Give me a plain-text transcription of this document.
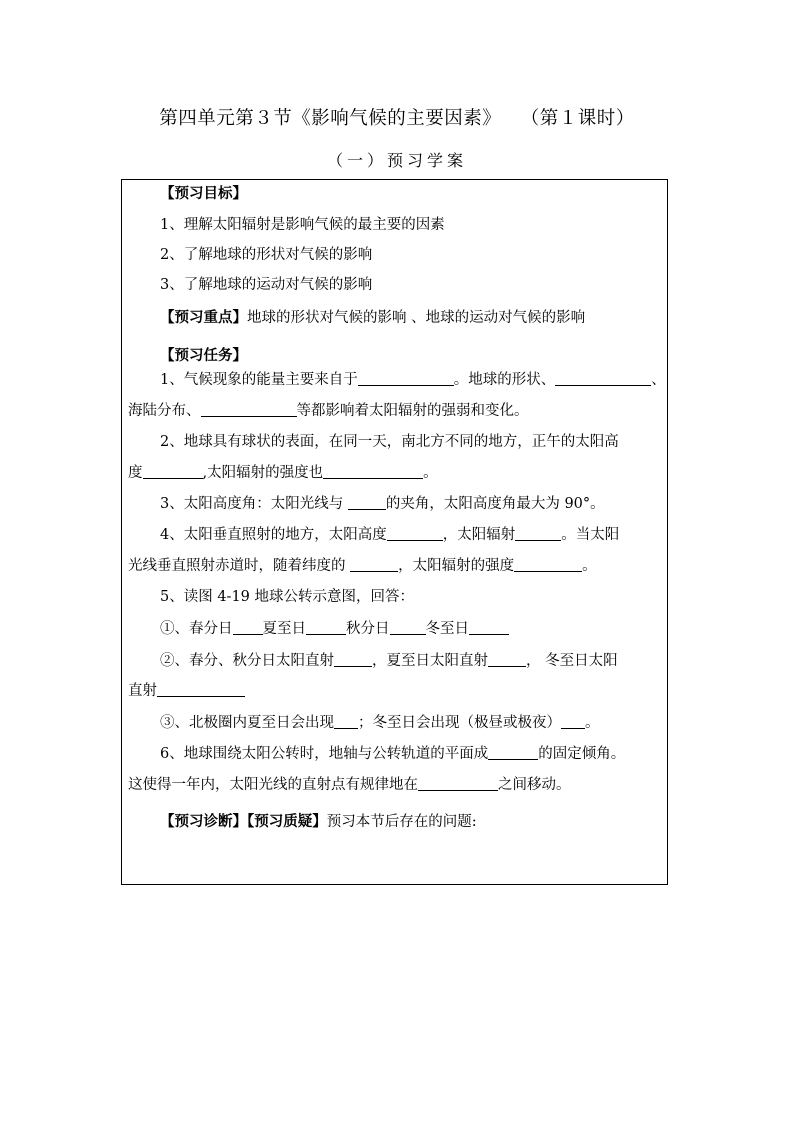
第四单元第３节《影响气候的主要因素》　　（第１课时）
（一）预习学案
【预习目标】
1、理解太阳辐射是影响气候的最主要的因素
2、了解地球的形状对气候的影响
3、了解地球的运动对气候的影响
【预习重点】地球的形状对气候的影响 、地球的运动对气候的影响
【预习任务】
1、气候现象的能量主要来自于	。地球的形状、	、
海陆分布、	等都影响着太阳辐射的强弱和变化。
2、地球具有球状的表面，在同一天，南北方不同的地方，正午的太阳高
度	,太阳辐射的强度也	。
3、太阳高度角：太阳光线与	的夹角，太阳高度角最大为 90°。
4、太阳垂直照射的地方，太阳高度	，太阳辐射	。当太阳
光线垂直照射赤道时，随着纬度的	，太阳辐射的强度	。
5、读图 4-19 地球公转示意图，回答：
①、春分日 夏至日	秋分日 冬至日
②、春分、秋分日太阳直射	，夏至日太阳直射	， 冬至日太阳
直射
③、北极圈内夏至日会出现 ；冬至日会出现（极昼或极夜） 。
6、地球围绕太阳公转时，地轴与公转轨道的平面成	的固定倾角。
这使得一年内，太阳光线的直射点有规律地在	之间移动。
【预习诊断】【预习质疑】预习本节后存在的问题:
